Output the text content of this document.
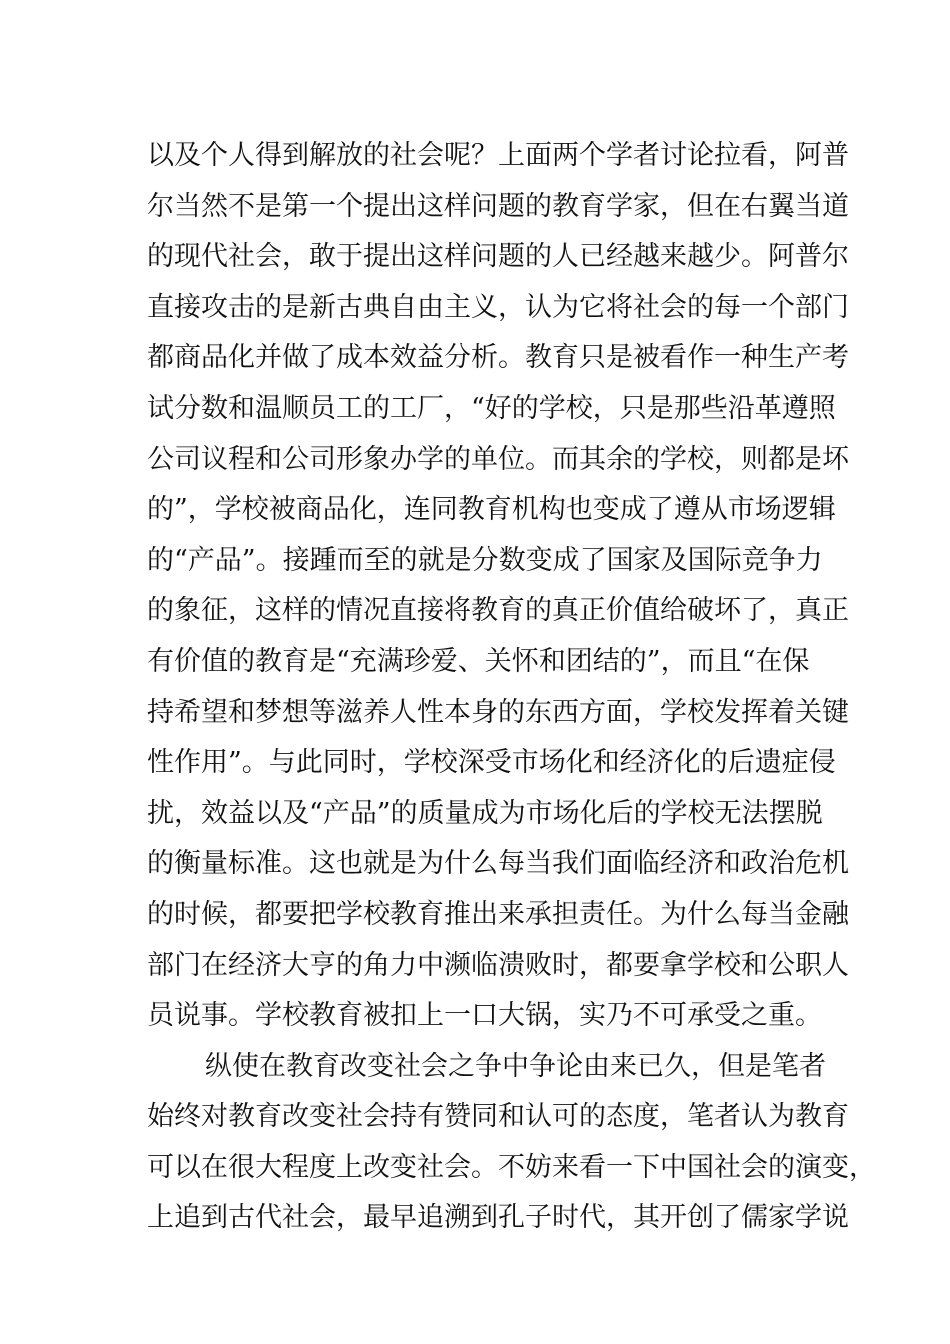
以及个人得到解放的社会呢？上面两个学者讨论拉看，阿普
尔当然不是第一个提出这样问题的教育学家，但在右翼当道
的现代社会，敢于提出这样问题的人已经越来越少。阿普尔
直接攻击的是新古典自由主义，认为它将社会的每一个部门
都商品化并做了成本效益分析。教育只是被看作一种生产考
试分数和温顺员工的工厂，“好的学校，只是那些沿革遵照
公司议程和公司形象办学的单位。而其余的学校，则都是坏
的”，学校被商品化，连同教育机构也变成了遵从市场逻辑
的“产品”。接踵而至的就是分数变成了国家及国际竞争力
的象征，这样的情况直接将教育的真正价值给破坏了，真正
有价值的教育是“充满珍爱、关怀和团结的”，而且“在保
持希望和梦想等滋养人性本身的东西方面，学校发挥着关键
性作用”。与此同时，学校深受市场化和经济化的后遗症侵
扰，效益以及“产品”的质量成为市场化后的学校无法摆脱
的衡量标准。这也就是为什么每当我们面临经济和政治危机
的时候，都要把学校教育推出来承担责任。为什么每当金融
部门在经济大亨的角力中濒临溃败时，都要拿学校和公职人
员说事。学校教育被扣上一口大锅，实乃不可承受之重。
纵使在教育改变社会之争中争论由来已久，但是笔者
始终对教育改变社会持有赞同和认可的态度，笔者认为教育
可以在很大程度上改变社会。不妨来看一下中国社会的演变，
上追到古代社会，最早追溯到孔子时代，其开创了儒家学说
